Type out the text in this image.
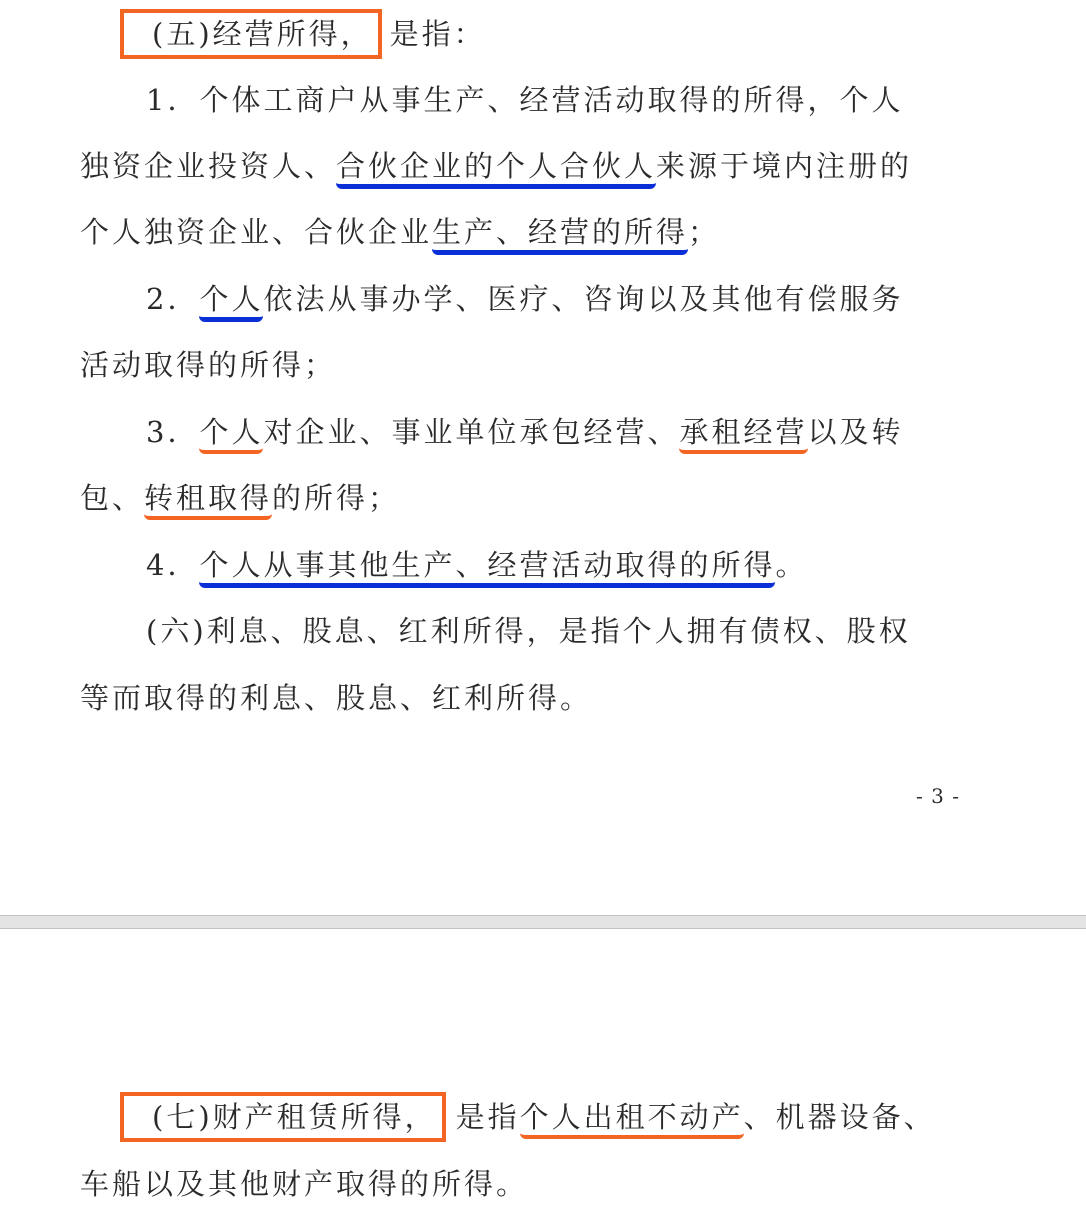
(五)经营所得， 是指：

1．个体工商户从事生产、经营活动取得的所得，个人

独资企业投资人、合伙企业的个人合伙人来源于境内注册的

个人独资企业、合伙企业生产、经营的所得；

2．个人依法从事办学、医疗、咨询以及其他有偿服务

活动取得的所得；

3．个人对企业、事业单位承包经营、承租经营以及转

包、转租取得的所得；

4．个人从事其他生产、经营活动取得的所得。

(六)利息、股息、红利所得，是指个人拥有债权、股权

等而取得的利息、股息、红利所得。

- 3 -

(七)财产租赁所得， 是指个人出租不动产、机器设备、

车船以及其他财产取得的所得。
